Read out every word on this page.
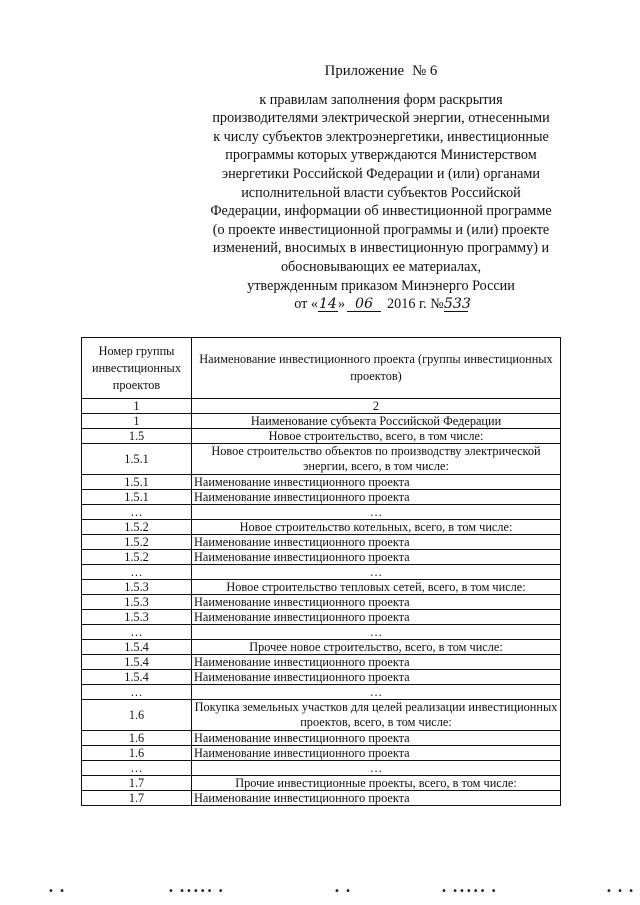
Приложение № 6
к правилам заполнения форм раскрытия
производителями электрической энергии, отнесенными
к числу субъектов электроэнергетики, инвестиционные
программы которых утверждаются Министерством
энергетики Российской Федерации и (или) органами
исполнительной власти субъектов Российской
Федерации, информации об инвестиционной программе
(о проекте инвестиционной программы и (или) проекте
изменений, вносимых в инвестиционную программу) и
обосновывающих ее материалах,
утвержденным приказом Минэнерго России
от «14» 06 2016 г. №533
Номер группы инвестиционных проектов	Наименование инвестиционного проекта (группы инвестиционных проектов)
1	2
1	Наименование субъекта Российской Федерации
1.5	Новое строительство, всего, в том числе:
1.5.1	Новое строительство объектов по производству электрической энергии, всего, в том числе:
1.5.1	Наименование инвестиционного проекта
1.5.1	Наименование инвестиционного проекта
…	…
1.5.2	Новое строительство котельных, всего, в том числе:
1.5.2	Наименование инвестиционного проекта
1.5.2	Наименование инвестиционного проекта
…	…
1.5.3	Новое строительство тепловых сетей, всего, в том числе:
1.5.3	Наименование инвестиционного проекта
1.5.3	Наименование инвестиционного проекта
…	…
1.5.4	Прочее новое строительство, всего, в том числе:
1.5.4	Наименование инвестиционного проекта
1.5.4	Наименование инвестиционного проекта
…	…
1.6	Покупка земельных участков для целей реализации инвестиционных проектов, всего, в том числе:
1.6	Наименование инвестиционного проекта
1.6	Наименование инвестиционного проекта
…	…
1.7	Прочие инвестиционные проекты, всего, в том числе:
1.7	Наименование инвестиционного проекта
• •	• ••••• •	• •	• ••••• •	• • •
